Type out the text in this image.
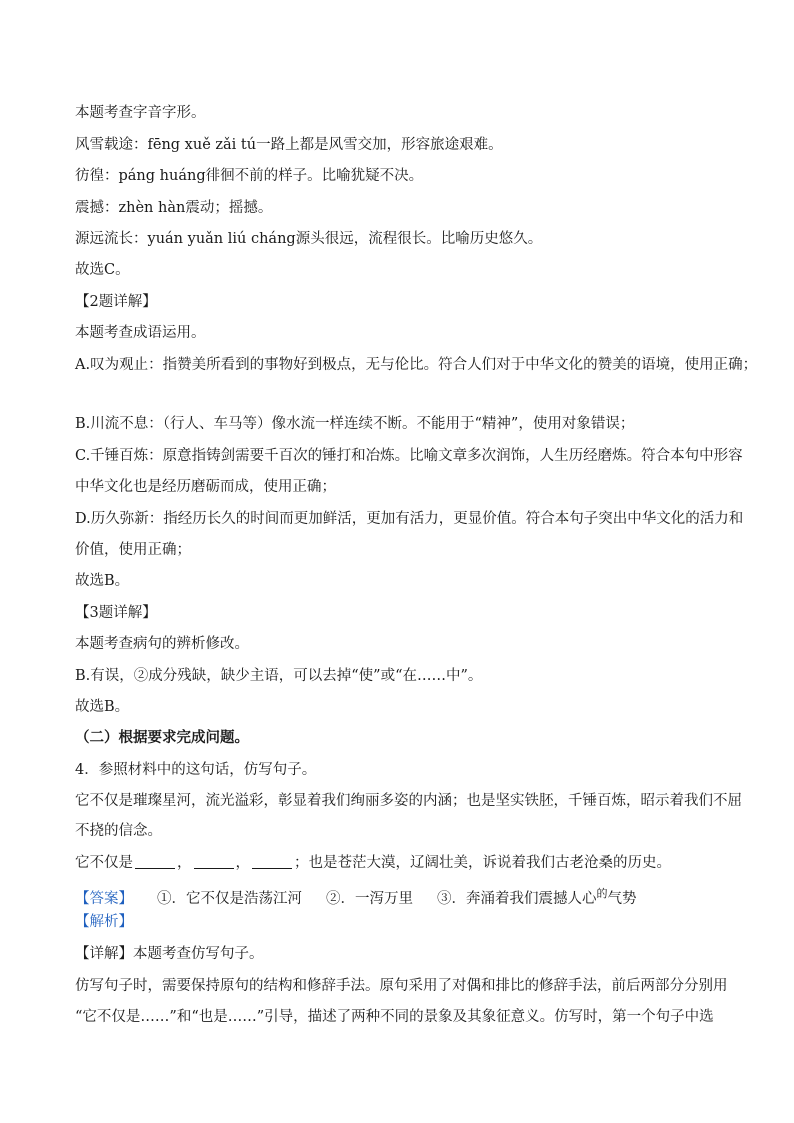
本题考查字音字形。
风雪载途：fēng xuě zǎi tú一路上都是风雪交加，形容旅途艰难。
彷徨：páng huáng徘徊不前的样子。比喻犹疑不决。
震撼：zhèn hàn震动；摇撼。
源远流长：yuán yuǎn liú cháng源头很远，流程很长。比喻历史悠久。
故选C。
【2题详解】
本题考查成语运用。
A.叹为观止：指赞美所看到的事物好到极点，无与伦比。符合人们对于中华文化的赞美的语境，使用正确；
B.川流不息：（行人、车马等）像水流一样连续不断。不能用于“精神”，使用对象错误；
C.千锤百炼：原意指铸剑需要千百次的锤打和冶炼。比喻文章多次润饰，人生历经磨炼。符合本句中形容
中华文化也是经历磨砺而成，使用正确；
D.历久弥新：指经历长久的时间而更加鲜活，更加有活力，更显价值。符合本句子突出中华文化的活力和
价值，使用正确；
故选B。
【3题详解】
本题考查病句的辨析修改。
B.有误，②成分残缺，缺少主语，可以去掉“使”或“在……中”。
故选B。
（二）根据要求完成问题。
4．参照材料中的这句话，仿写句子。
它不仅是璀璨星河，流光溢彩，彰显着我们绚丽多姿的内涵；也是坚实铁胚，千锤百炼，昭示着我们不屈
不挠的信念。
它不仅是	，	，	；也是苍茫大漠，辽阔壮美，诉说着我们古老沧桑的历史。
【答案】 ①．它不仅是浩荡江河 ②．一泻万里 ③．奔涌着我们震撼人心$^的$气势
【解析】
【详解】本题考查仿写句子。
仿写句子时，需要保持原句的结构和修辞手法。原句采用了对偶和排比的修辞手法，前后两部分分别用
“它不仅是……”和“也是……”引导，描述了两种不同的景象及其象征意义。仿写时，第一个句子中选
